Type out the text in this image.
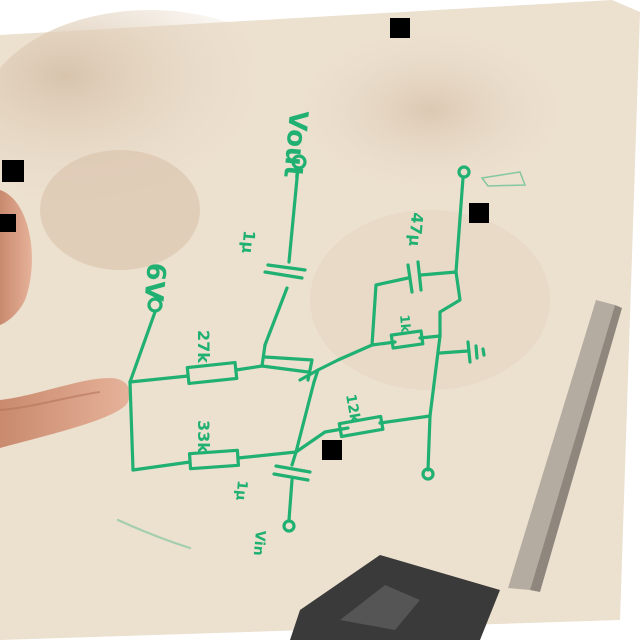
6V
Vout
27k
33k
12k
1k
1µ
1µ
Vin
47µ
